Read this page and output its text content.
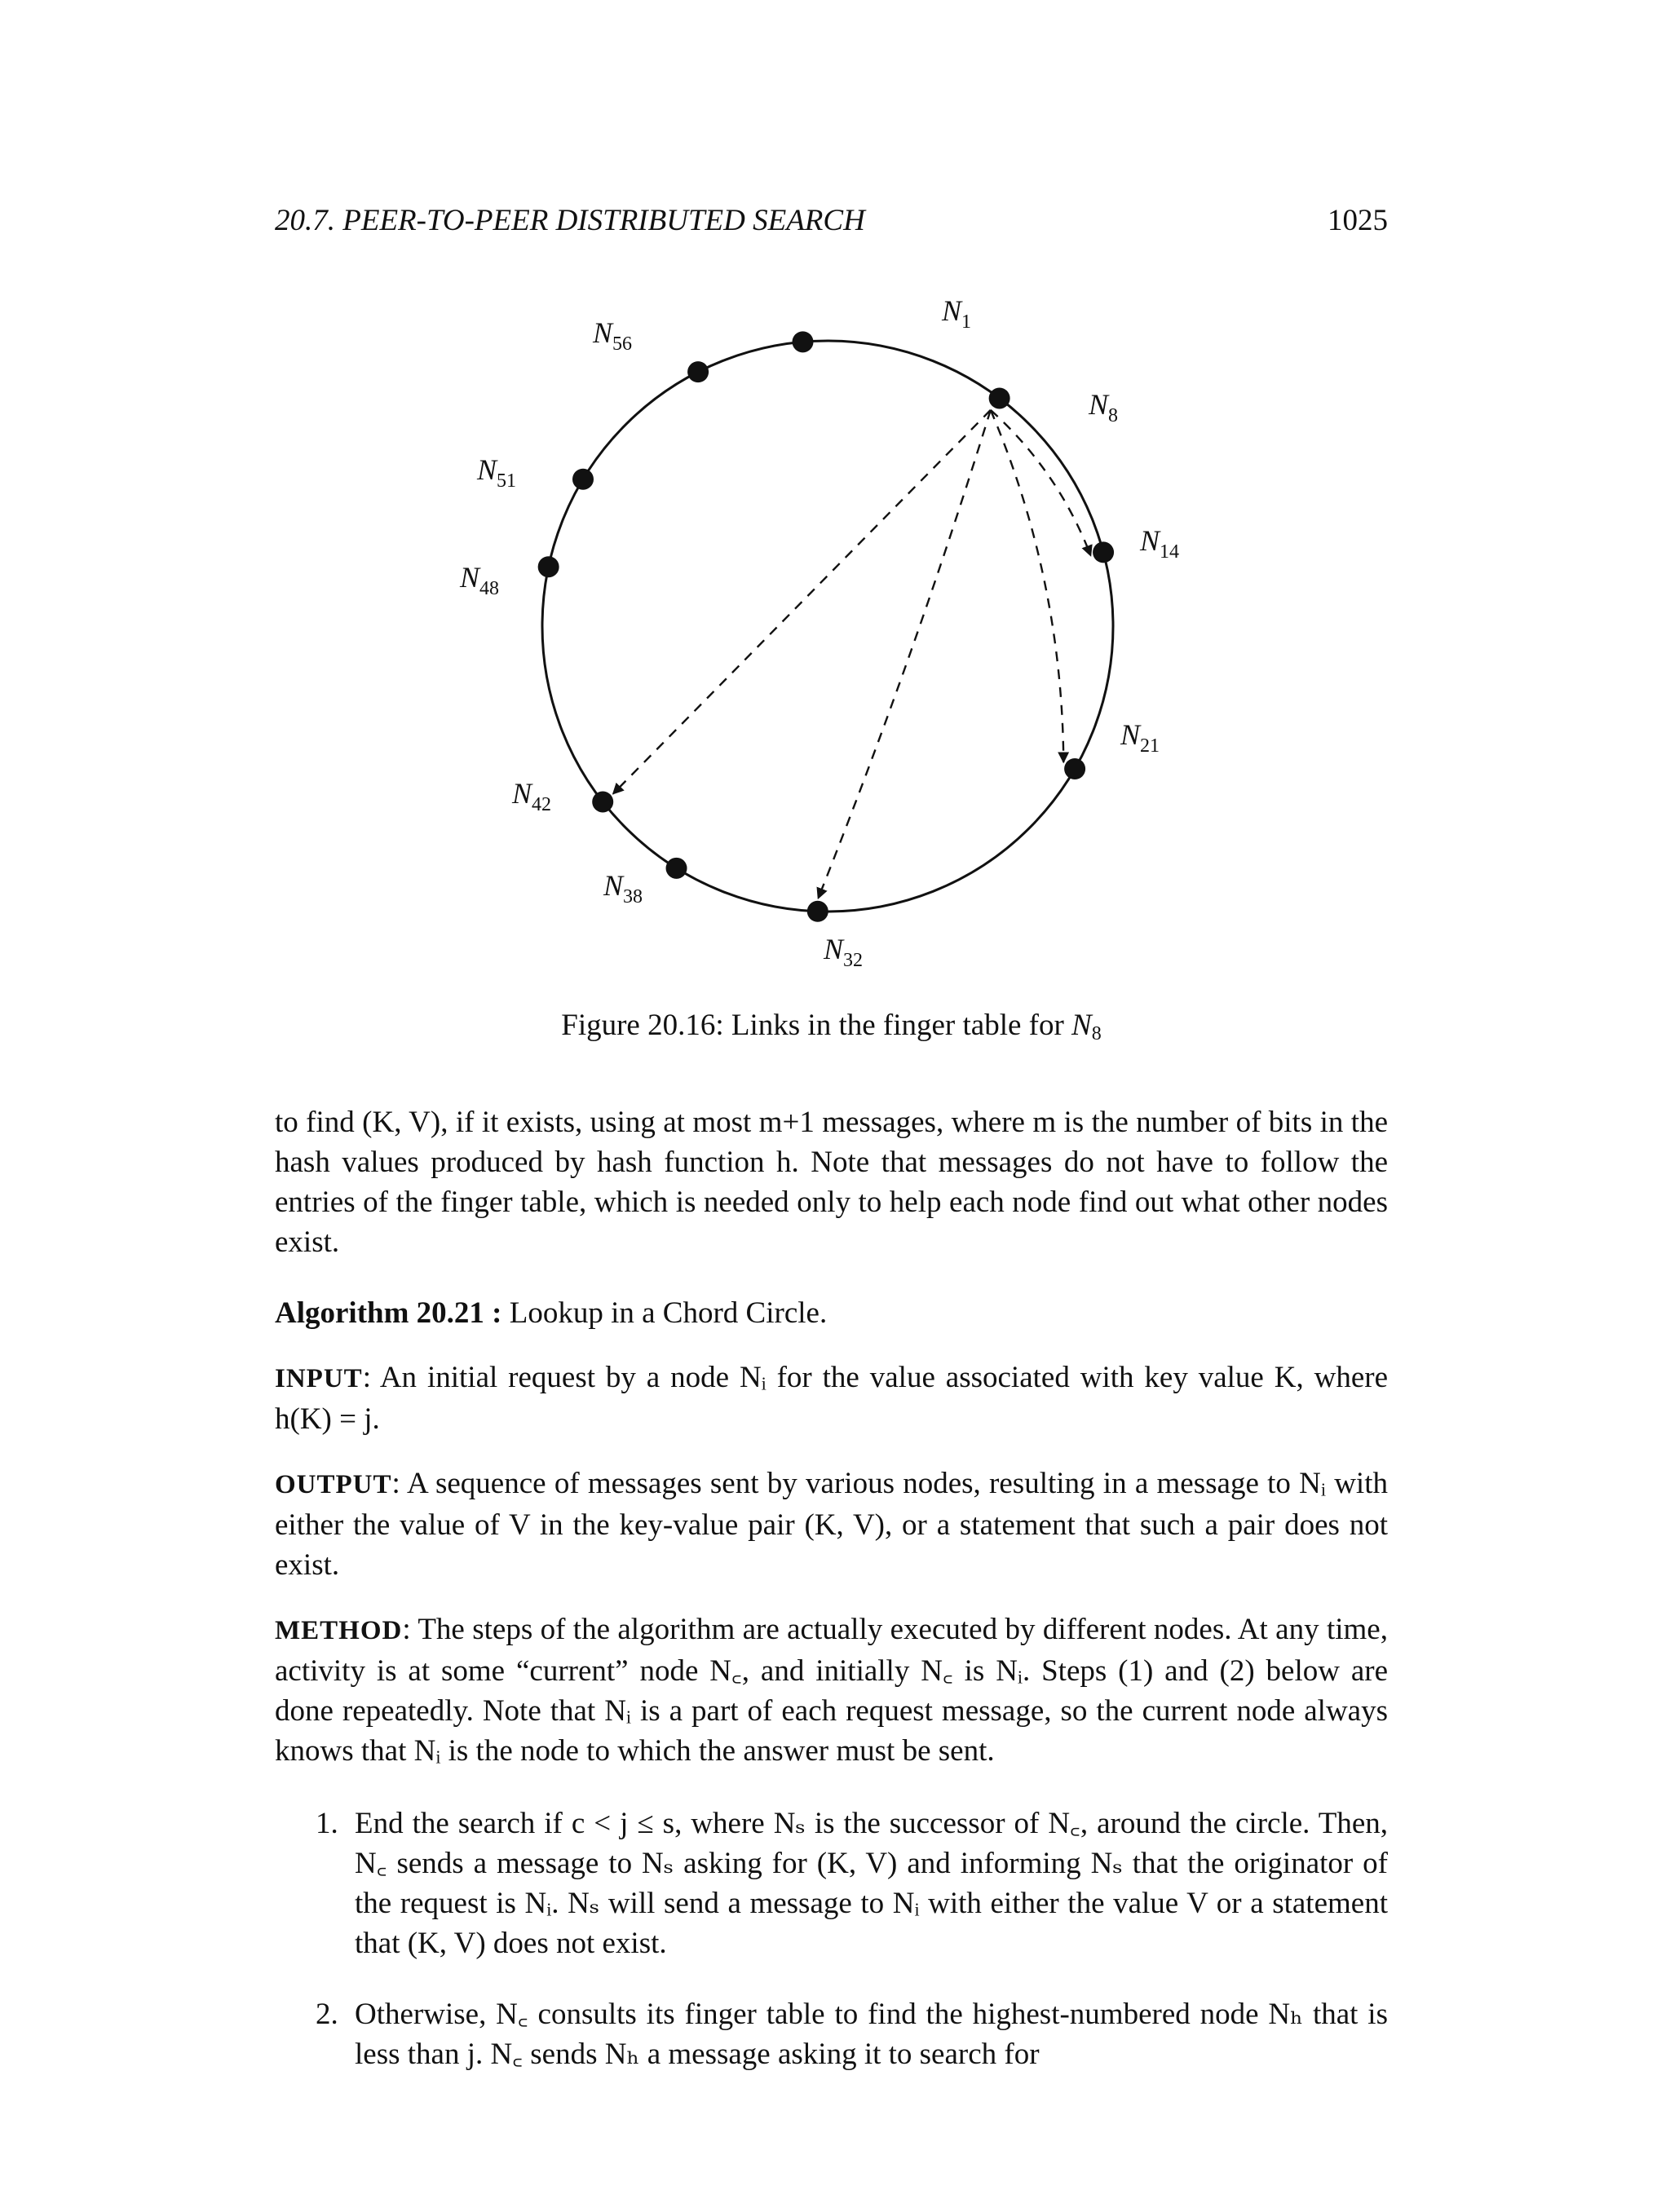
20.7. PEER-TO-PEER DISTRIBUTED SEARCH	1025
$N_1$
$N_8$
$N_{14}$
$N_{21}$
$N_{32}$
$N_{38}$
$N_{42}$
$N_{48}$
$N_{51}$
$N_{56}$
Figure 20.16: Links in the finger table for $N_8$

to find (K, V), if it exists, using at most m+1 messages, where m is the number of bits in the hash values produced by hash function h. Note that messages do not have to follow the entries of the finger table, which is needed only to help each node find out what other nodes exist.

Algorithm 20.21 : Lookup in a Chord Circle.

INPUT: An initial request by a node Nᵢ for the value associated with key value K, where h(K) = j.

OUTPUT: A sequence of messages sent by various nodes, resulting in a message to Nᵢ with either the value of V in the key-value pair (K, V), or a statement that such a pair does not exist.

METHOD: The steps of the algorithm are actually executed by different nodes. At any time, activity is at some “current” node N꜀, and initially N꜀ is Nᵢ. Steps (1) and (2) below are done repeatedly. Note that Nᵢ is a part of each request message, so the current node always knows that Nᵢ is the node to which the answer must be sent.

1. End the search if c < j ≤ s, where Nₛ is the successor of N꜀, around the circle. Then, N꜀ sends a message to Nₛ asking for (K, V) and informing Nₛ that the originator of the request is Nᵢ. Nₛ will send a message to Nᵢ with either the value V or a statement that (K, V) does not exist.
2. Otherwise, N꜀ consults its finger table to find the highest-numbered node Nₕ that is less than j. N꜀ sends Nₕ a message asking it to search for
